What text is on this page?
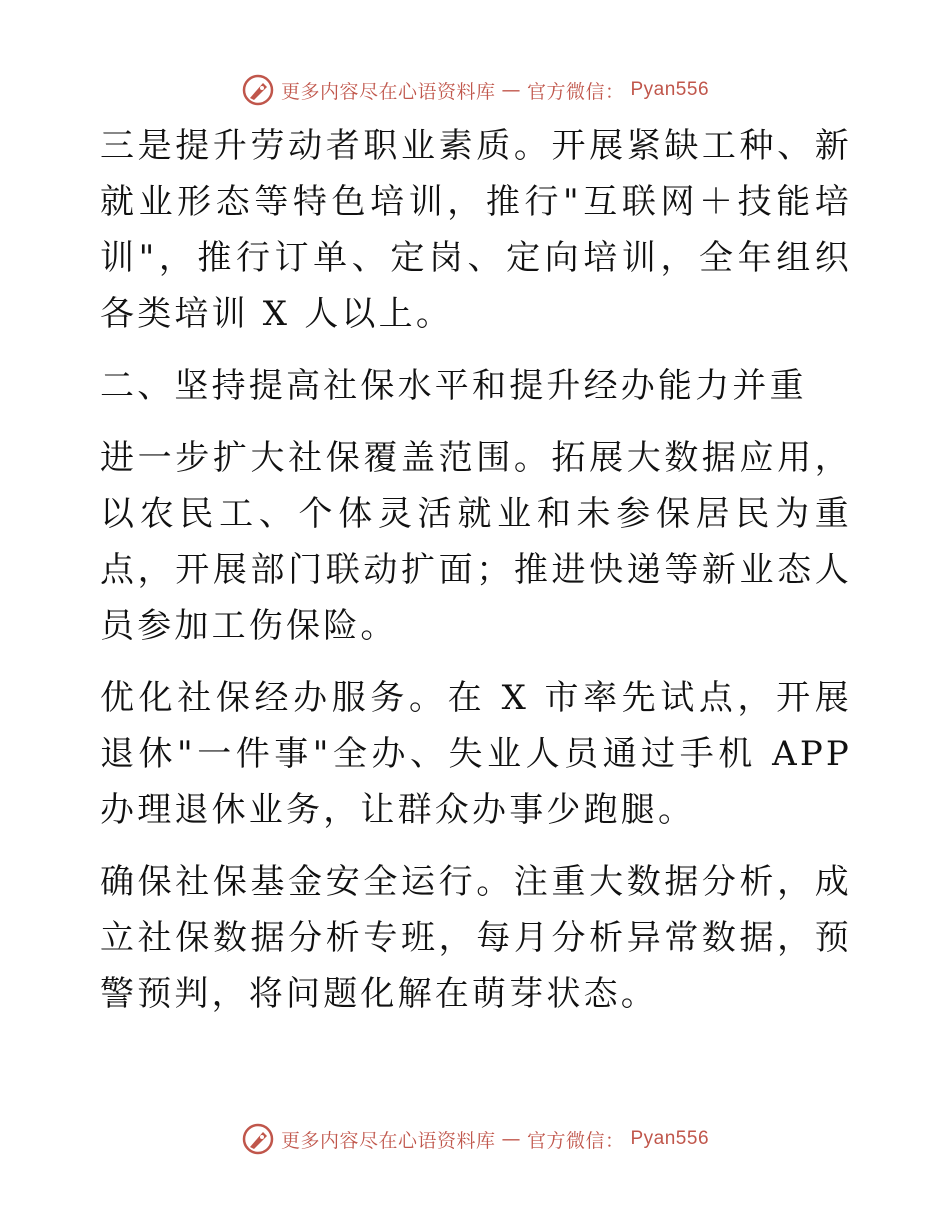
更多内容尽在心语资料库 — 官方微信： Pyan556

三是提升劳动者职业素质。开展紧缺工种、新就业形态等特色培训，推行"互联网＋技能培训"，推行订单、定岗、定向培训，全年组织各类培训 X 人以上。

二、坚持提高社保水平和提升经办能力并重

进一步扩大社保覆盖范围。拓展大数据应用，以农民工、个体灵活就业和未参保居民为重点，开展部门联动扩面；推进快递等新业态人员参加工伤保险。

优化社保经办服务。在 X 市率先试点，开展退休"一件事"全办、失业人员通过手机 APP 办理退休业务，让群众办事少跑腿。

确保社保基金安全运行。注重大数据分析，成立社保数据分析专班，每月分析异常数据，预警预判，将问题化解在萌芽状态。

更多内容尽在心语资料库 — 官方微信： Pyan556
